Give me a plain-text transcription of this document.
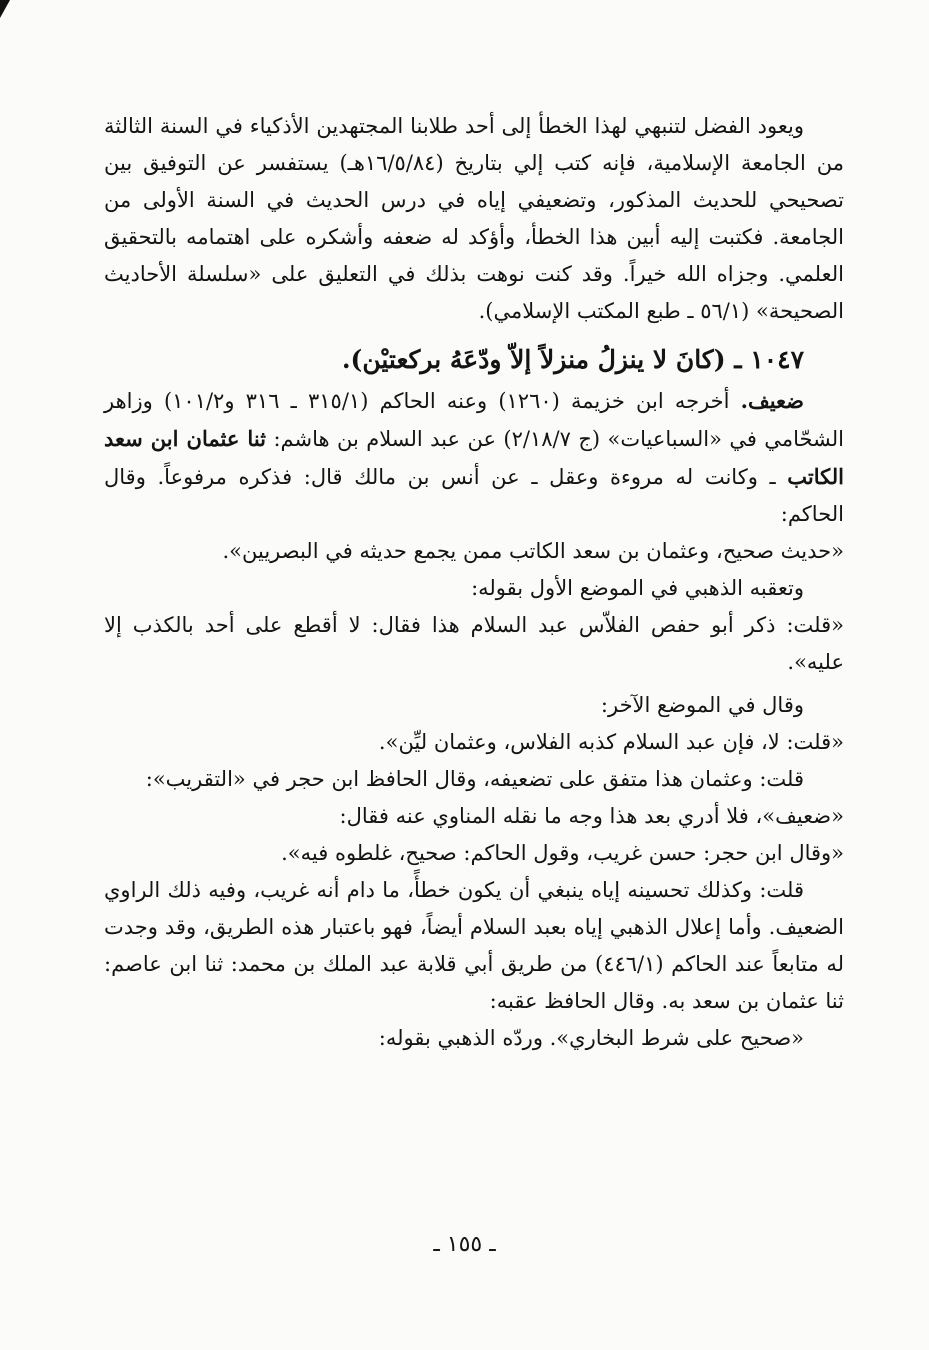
ويعود الفضل لتنبهي لهذا الخطأ إلى أحد طلابنا المجتهدين الأذكياء في السنة الثالثة من الجامعة الإسلامية، فإنه كتب إلي بتاريخ (١٦/٥/٨٤هـ) يستفسر عن التوفيق بين تصحيحي للحديث المذكور، وتضعيفي إياه في درس الحديث في السنة الأولى من الجامعة. فكتبت إليه أبين هذا الخطأ، وأؤكد له ضعفه وأشكره على اهتمامه بالتحقيق العلمي. وجزاه الله خيراً. وقد كنت نوهت بذلك في التعليق على «سلسلة الأحاديث الصحيحة» (٥٦/١ ـ طبع المكتب الإسلامي).

١٠٤٧ ـ (كانَ لا ينزلُ منزلاً إلاّ ودّعَهُ بركعتيْن).

ضعيف. أخرجه ابن خزيمة (١٢٦٠) وعنه الحاكم (٣١٥/١ ـ ٣١٦ و١٠١/٢) وزاهر الشحّامي في «السباعيات» (ج ٢/١٨/٧) عن عبد السلام بن هاشم: ثنا عثمان ابن سعد الكاتب ـ وكانت له مروءة وعقل ـ عن أنس بن مالك قال: فذكره مرفوعاً. وقال الحاكم:

«حديث صحيح، وعثمان بن سعد الكاتب ممن يجمع حديثه في البصريين».

وتعقبه الذهبي في الموضع الأول بقوله:

«قلت: ذكر أبو حفص الفلاّس عبد السلام هذا فقال: لا أقطع على أحد بالكذب إلا عليه».

وقال في الموضع الآخر:

«قلت: لا، فإن عبد السلام كذبه الفلاس، وعثمان ليِّن».

قلت: وعثمان هذا متفق على تضعيفه، وقال الحافظ ابن حجر في «التقريب»:

«ضعيف»، فلا أدري بعد هذا وجه ما نقله المناوي عنه فقال:

«وقال ابن حجر: حسن غريب، وقول الحاكم: صحيح، غلطوه فيه».

قلت: وكذلك تحسينه إياه ينبغي أن يكون خطأً، ما دام أنه غريب، وفيه ذلك الراوي الضعيف. وأما إعلال الذهبي إياه بعبد السلام أيضاً، فهو باعتبار هذه الطريق، وقد وجدت له متابعاً عند الحاكم (٤٤٦/١) من طريق أبي قلابة عبد الملك بن محمد: ثنا ابن عاصم: ثنا عثمان بن سعد به. وقال الحافظ عقبه:

«صحيح على شرط البخاري». وردّه الذهبي بقوله:

ـ ١٥٥ ـ
